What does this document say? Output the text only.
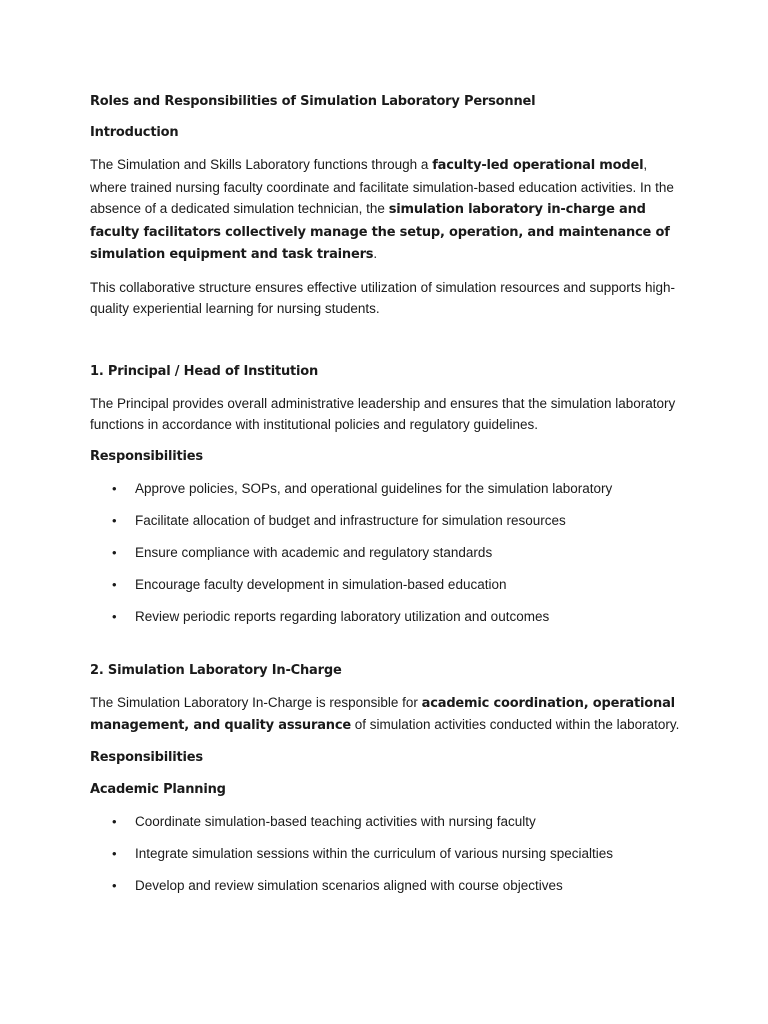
Roles and Responsibilities of Simulation Laboratory Personnel
Introduction

The Simulation and Skills Laboratory functions through a faculty-led operational model, where trained nursing faculty coordinate and facilitate simulation-based education activities. In the absence of a dedicated simulation technician, the simulation laboratory in-charge and faculty facilitators collectively manage the setup, operation, and maintenance of simulation equipment and task trainers.

This collaborative structure ensures effective utilization of simulation resources and supports high-quality experiential learning for nursing students.

1. Principal / Head of Institution

The Principal provides overall administrative leadership and ensures that the simulation laboratory functions in accordance with institutional policies and regulatory guidelines.

Responsibilities
• Approve policies, SOPs, and operational guidelines for the simulation laboratory
• Facilitate allocation of budget and infrastructure for simulation resources
• Ensure compliance with academic and regulatory standards
• Encourage faculty development in simulation-based education
• Review periodic reports regarding laboratory utilization and outcomes
2. Simulation Laboratory In-Charge

The Simulation Laboratory In-Charge is responsible for academic coordination, operational management, and quality assurance of simulation activities conducted within the laboratory.

Responsibilities
Academic Planning
• Coordinate simulation-based teaching activities with nursing faculty
• Integrate simulation sessions within the curriculum of various nursing specialties
• Develop and review simulation scenarios aligned with course objectives
